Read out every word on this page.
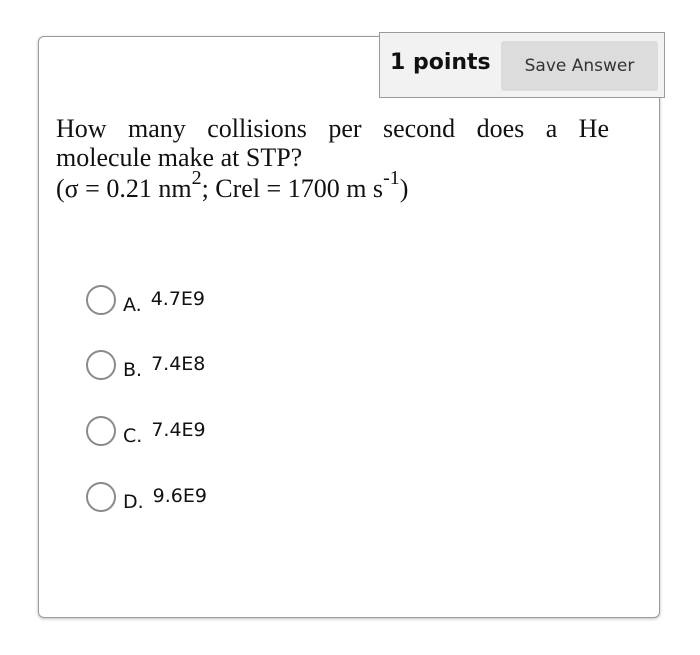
1 points	Save Answer
How many collisions per second does a He
molecule make at STP?
(σ = 0.21 $nm^2$; Crel = 1700 m $s^{-1}$)
A. 4.7E9
B. 7.4E8
C. 7.4E9
D. 9.6E9
